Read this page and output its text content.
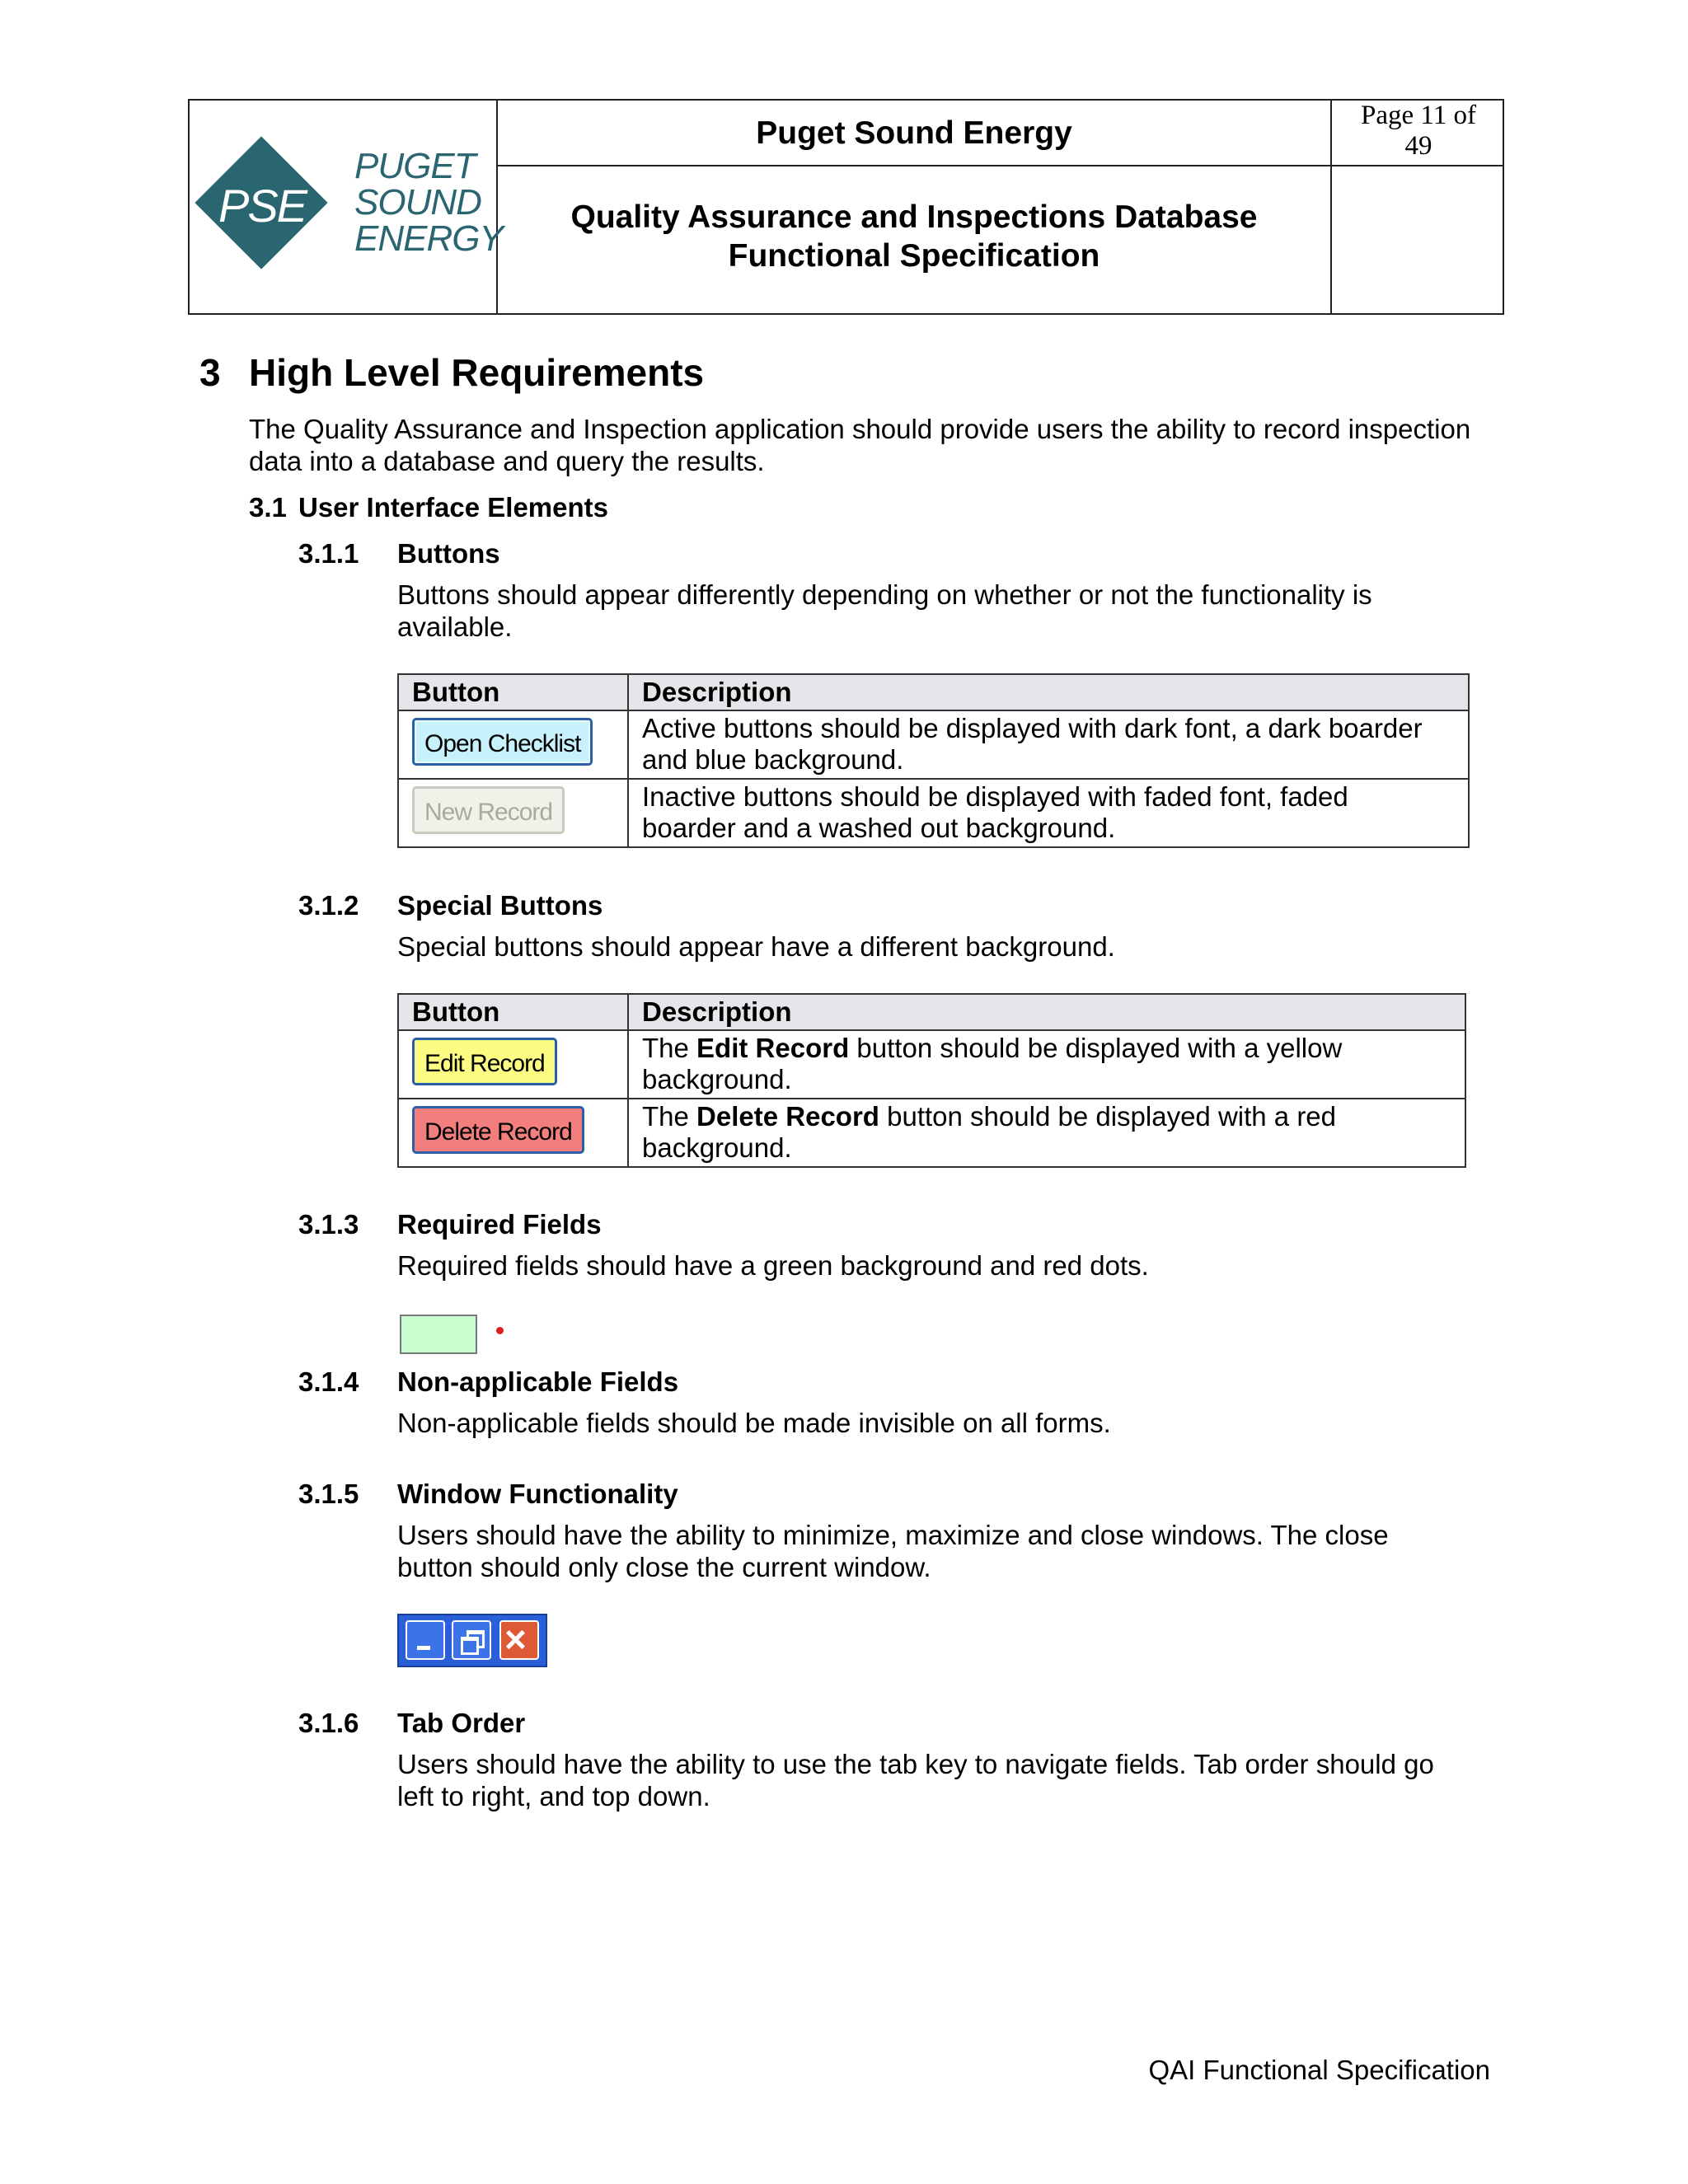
PSE
PUGET
SOUND
ENERGY
Puget Sound Energy
Quality Assurance and Inspections Database
Functional Specification
Page 11 of
49
3 High Level Requirements
The Quality Assurance and Inspection application should provide users the ability to record inspection
data into a database and query the results.
3.1 User Interface Elements
3.1.1 Buttons
Buttons should appear differently depending on whether or not the functionality is
available.
Button	Description
Open Checklist	Active buttons should be displayed with dark font, a dark boarder
and blue background.

New Record	Inactive buttons should be displayed with faded font, faded
boarder and a washed out background.
3.1.2 Special Buttons
Special buttons should appear have a different background.
Button	Description
Edit Record	The Edit Record button should be displayed with a yellow
background.

Delete Record	The Delete Record button should be displayed with a red
background.
3.1.3 Required Fields
Required fields should have a green background and red dots.
3.1.4 Non-applicable Fields
Non-applicable fields should be made invisible on all forms.
3.1.5 Window Functionality
Users should have the ability to minimize, maximize and close windows. The close
button should only close the current window.
×
3.1.6 Tab Order
Users should have the ability to use the tab key to navigate fields. Tab order should go
left to right, and top down.
QAI Functional Specification
